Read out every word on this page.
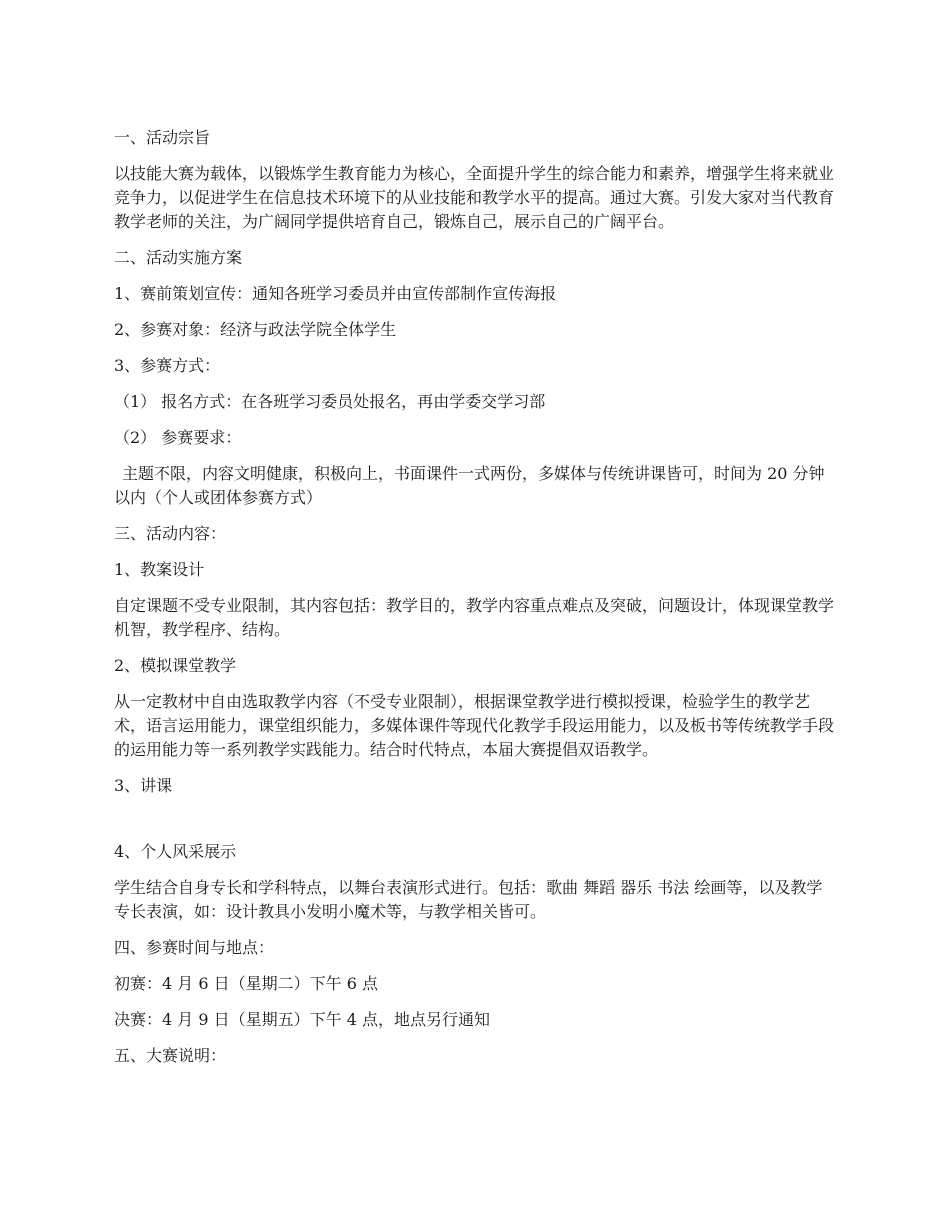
一、活动宗旨

以技能大赛为载体，以锻炼学生教育能力为核心，全面提升学生的综合能力和素养，增强学生将来就业竞争力，以促进学生在信息技术环境下的从业技能和教学水平的提高。通过大赛。引发大家对当代教育教学老师的关注，为广阔同学提供培育自己，锻炼自己，展示自己的广阔平台。

二、活动实施方案

1、赛前策划宣传：通知各班学习委员并由宣传部制作宣传海报

2、参赛对象：经济与政法学院全体学生

3、参赛方式：

（1） 报名方式：在各班学习委员处报名，再由学委交学习部

（2） 参赛要求：

主题不限，内容文明健康，积极向上，书面课件一式两份，多媒体与传统讲课皆可，时间为 20 分钟以内（个人或团体参赛方式）

三、活动内容：

1、教案设计

自定课题不受专业限制，其内容包括：教学目的，教学内容重点难点及突破，问题设计，体现课堂教学机智，教学程序、结构。

2、模拟课堂教学

从一定教材中自由选取教学内容（不受专业限制），根据课堂教学进行模拟授课，检验学生的教学艺术，语言运用能力，课堂组织能力，多媒体课件等现代化教学手段运用能力，以及板书等传统教学手段的运用能力等一系列教学实践能力。结合时代特点，本届大赛提倡双语教学。

3、讲课

4、个人风采展示

学生结合自身专长和学科特点，以舞台表演形式进行。包括：歌曲 舞蹈 器乐 书法 绘画等，以及教学专长表演，如：设计教具小发明小魔术等，与教学相关皆可。

四、参赛时间与地点：

初赛：4 月 6 日（星期二）下午 6 点

决赛：4 月 9 日（星期五）下午 4 点，地点另行通知

五、大赛说明：
